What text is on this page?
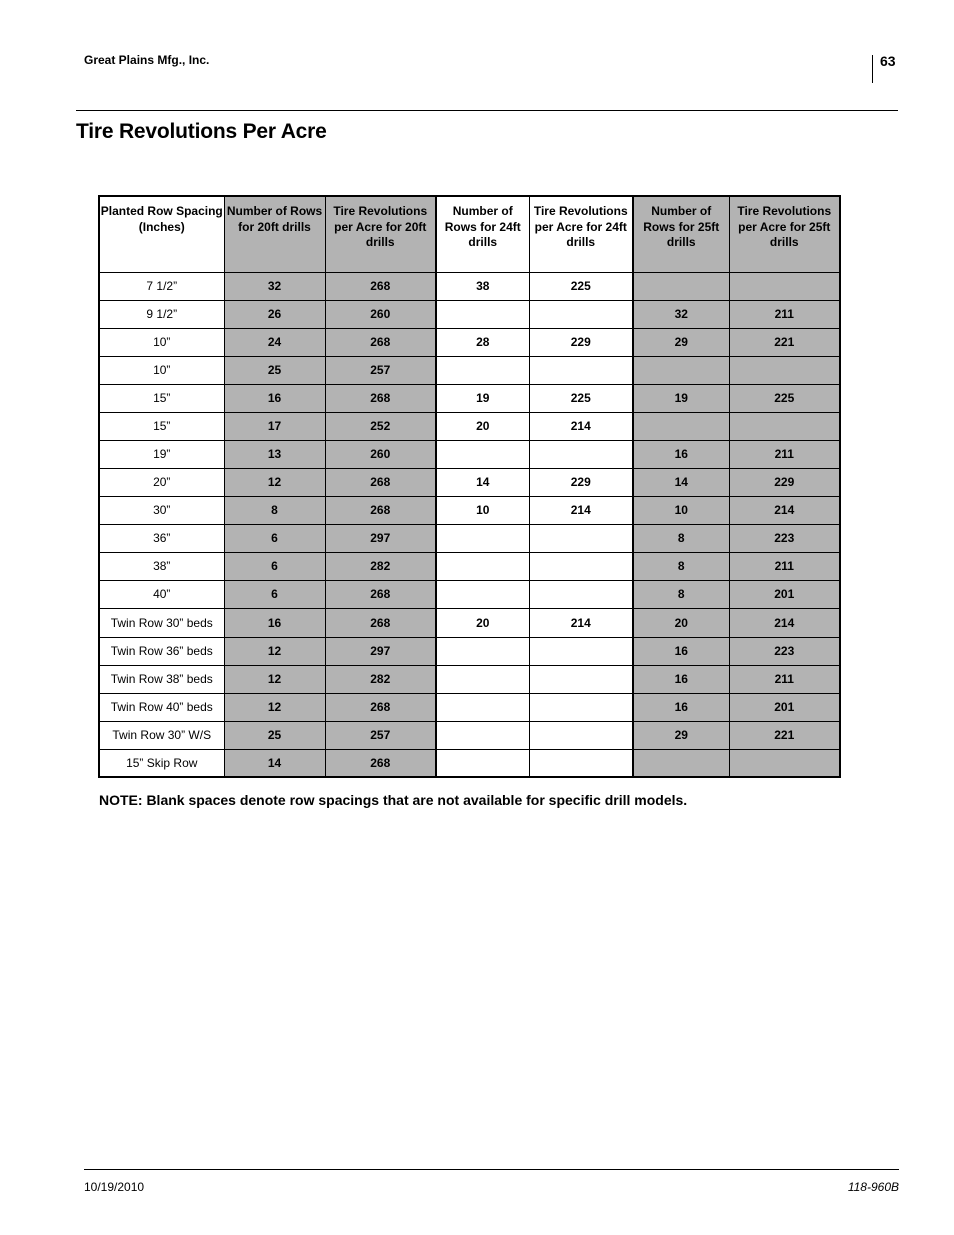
Great Plains Mfg., Inc.	63
Tire Revolutions Per Acre
Planted Row Spacing (Inches)	Number of Rows for 20ft drills	Tire Revolutions per Acre for 20ft drills	Number of Rows for 24ft drills	Tire Revolutions per Acre for 24ft drills	Number of Rows for 25ft drills	Tire Revolutions per Acre for 25ft drills
7 1/2”	32	268	38	225		
9 1/2”	26	260			32	211
10”	24	268	28	229	29	221
10”	25	257				
15”	16	268	19	225	19	225
15”	17	252	20	214		
19”	13	260			16	211
20”	12	268	14	229	14	229
30”	8	268	10	214	10	214
36”	6	297			8	223
38”	6	282			8	211
40”	6	268			8	201
Twin Row 30” beds	16	268	20	214	20	214
Twin Row 36” beds	12	297			16	223
Twin Row 38” beds	12	282			16	211
Twin Row 40” beds	12	268			16	201
Twin Row 30” W/S	25	257			29	221
15” Skip Row	14	268				
NOTE: Blank spaces denote row spacings that are not available for specific drill models.
10/19/2010	118-960B
